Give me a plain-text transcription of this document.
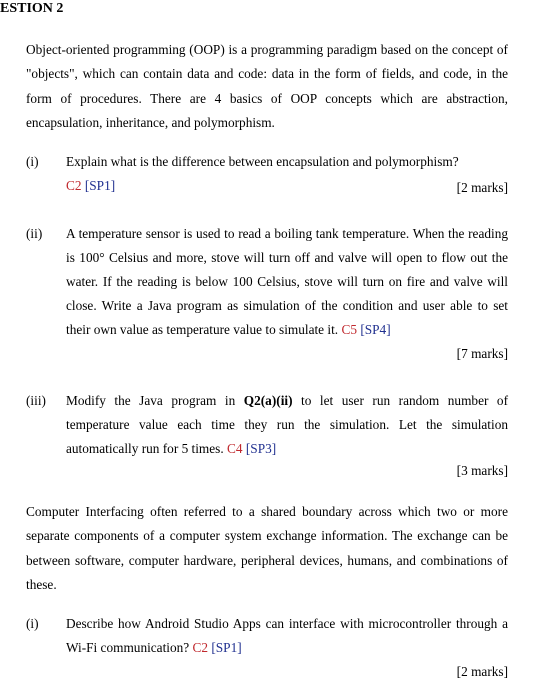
ESTION 2

Object-oriented programming (OOP) is a programming paradigm based on the concept of "objects", which can contain data and code: data in the form of fields, and code, in the form of procedures. There are 4 basics of OOP concepts which are abstraction, encapsulation, inheritance, and polymorphism.

(i) Explain what is the difference between encapsulation and polymorphism?
C2 [SP1]	[2 marks]
(ii) A temperature sensor is used to read a boiling tank temperature. When the reading is 100° Celsius and more, stove will turn off and valve will open to flow out the water. If the reading is below 100 Celsius, stove will turn on fire and valve will close. Write a Java program as simulation of the condition and user able to set their own value as temperature value to simulate it. C5 [SP4]
[7 marks]
(iii) Modify the Java program in Q2(a)(ii) to let user run random number of temperature value each time they run the simulation. Let the simulation automatically run for 5 times. C4 [SP3]
[3 marks]

Computer Interfacing often referred to a shared boundary across which two or more separate components of a computer system exchange information. The exchange can be between software, computer hardware, peripheral devices, humans, and combinations of these.

(i) Describe how Android Studio Apps can interface with microcontroller through a Wi-Fi communication? C2 [SP1]
[2 marks]
